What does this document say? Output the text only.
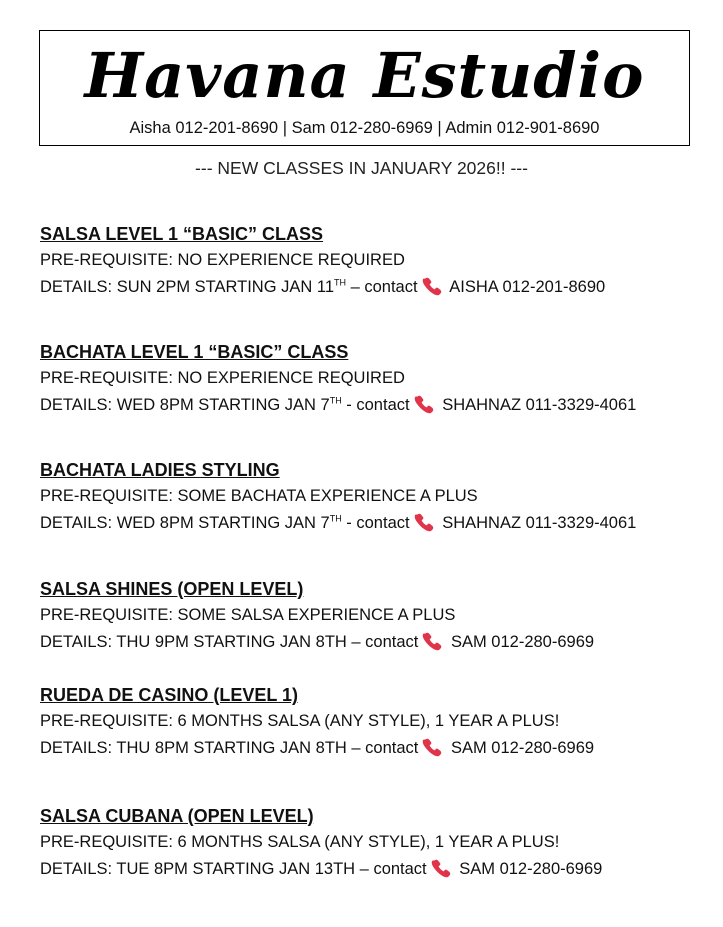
Havana Estudio
Aisha 012-201-8690 | Sam 012-280-6969 | Admin 012-901-8690
--- NEW CLASSES IN JANUARY 2026!! ---
SALSA LEVEL 1 “BASIC” CLASS
PRE-REQUISITE: NO EXPERIENCE REQUIRED
DETAILS: SUN 2PM STARTING JAN 11TH – contact AISHA 012-201-8690
BACHATA LEVEL 1 “BASIC” CLASS
PRE-REQUISITE: NO EXPERIENCE REQUIRED
DETAILS: WED 8PM STARTING JAN 7TH - contact SHAHNAZ 011-3329-4061
BACHATA LADIES STYLING
PRE-REQUISITE: SOME BACHATA EXPERIENCE A PLUS
DETAILS: WED 8PM STARTING JAN 7TH - contact SHAHNAZ 011-3329-4061
SALSA SHINES (OPEN LEVEL)
PRE-REQUISITE: SOME SALSA EXPERIENCE A PLUS
DETAILS: THU 9PM STARTING JAN 8TH – contact SAM 012-280-6969
RUEDA DE CASINO (LEVEL 1)
PRE-REQUISITE: 6 MONTHS SALSA (ANY STYLE), 1 YEAR A PLUS!
DETAILS: THU 8PM STARTING JAN 8TH – contact SAM 012-280-6969
SALSA CUBANA (OPEN LEVEL)
PRE-REQUISITE: 6 MONTHS SALSA (ANY STYLE), 1 YEAR A PLUS!
DETAILS: TUE 8PM STARTING JAN 13TH – contact SAM 012-280-6969
